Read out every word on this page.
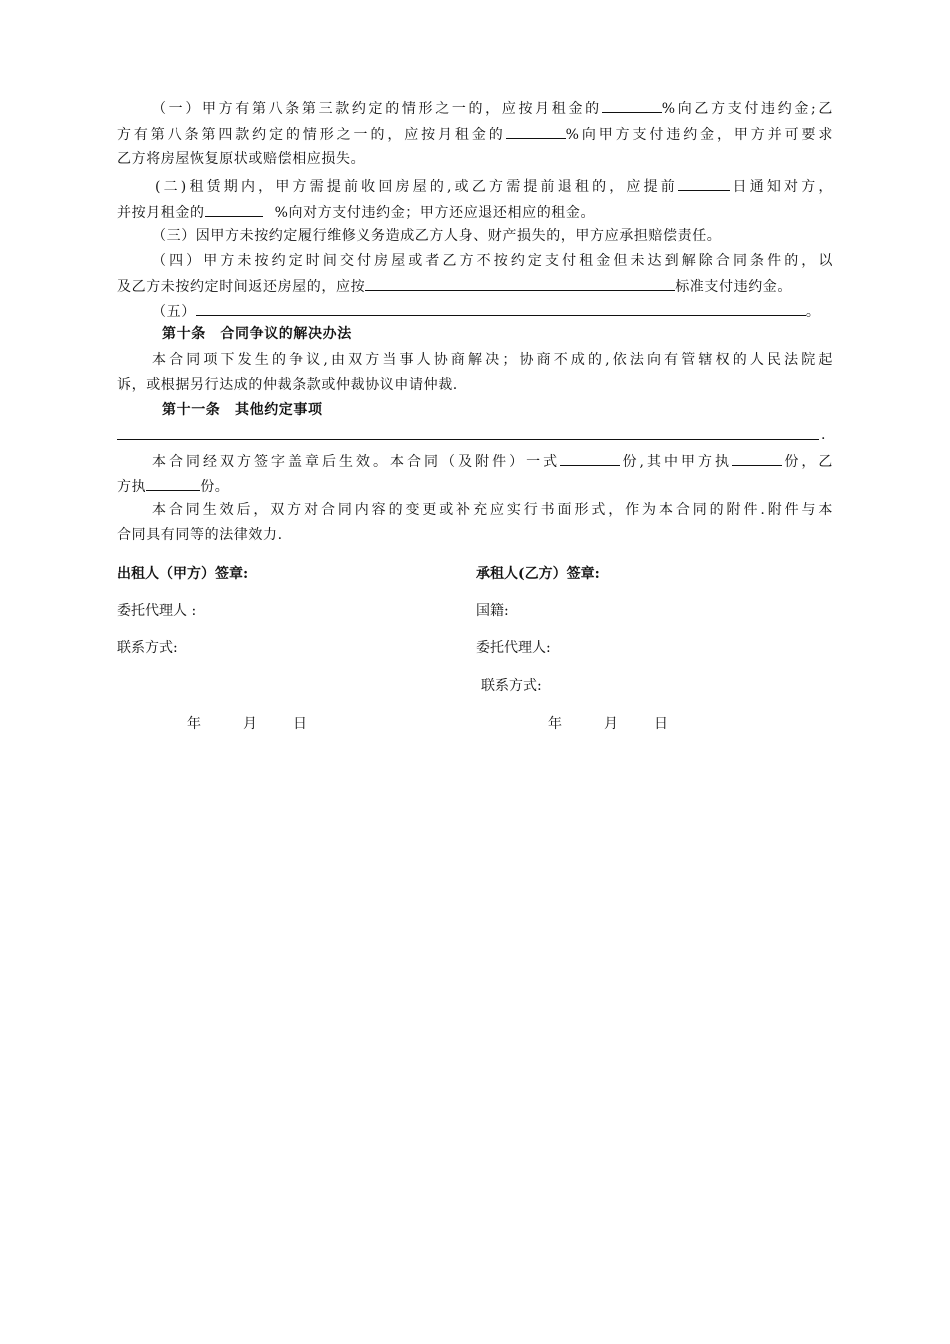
（一）甲方有第八条第三款约定的情形之一的，应按月租金的	%向乙方支付违约金;乙
方有第八条第四款约定的情形之一的，应按月租金的	%向甲方支付违约金，甲方并可要求
乙方将房屋恢复原状或赔偿相应损失。
(二)租赁期内，甲方需提前收回房屋的,或乙方需提前退租的，应提前	日通知对方，
并按月租金的	%向对方支付违约金；甲方还应退还相应的租金。
（三）因甲方未按约定履行维修义务造成乙方人身、财产损失的，甲方应承担赔偿责任。
（四）甲方未按约定时间交付房屋或者乙方不按约定支付租金但未达到解除合同条件的，以
及乙方未按约定时间返还房屋的，应按	标准支付违约金。
（五）	。
第十条　合同争议的解决办法
本合同项下发生的争议,由双方当事人协商解决；协商不成的,依法向有管辖权的人民法院起
诉，或根据另行达成的仲裁条款或仲裁协议申请仲裁.
第十一条　其他约定事项
.
本合同经双方签字盖章后生效。本合同（及附件）一式	份,其中甲方执	份，乙
方执	份。
本合同生效后，双方对合同内容的变更或补充应实行书面形式，作为本合同的附件.附件与本
合同具有同等的法律效力.
出租人（甲方）签章:
委托代理人 :
联系方式:
承租人(乙方）签章:
国籍:
委托代理人:
联系方式:
年	月	日	年	月	日
